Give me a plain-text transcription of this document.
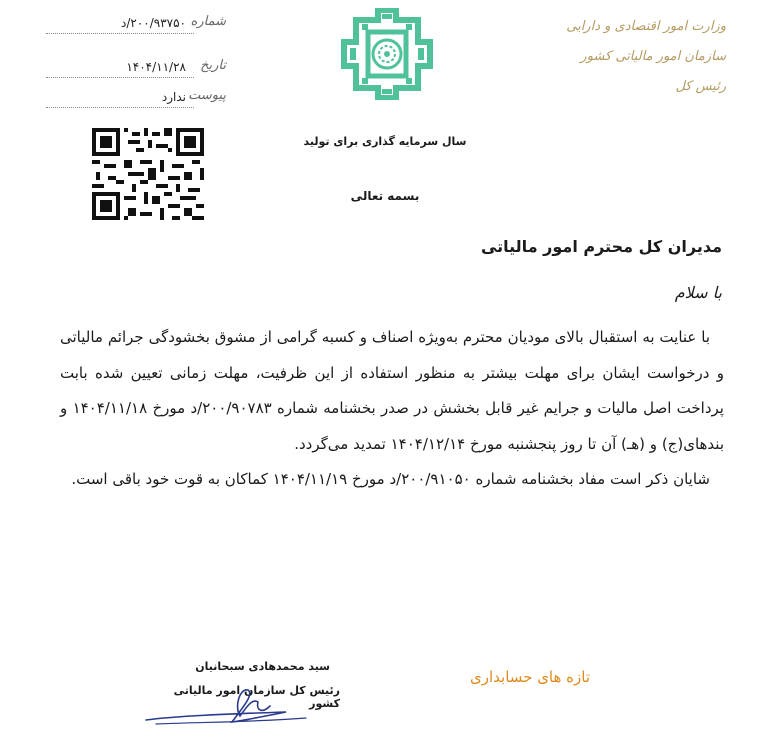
وزارت امور اقتصادی و دارایی
سازمان امور مالیاتی کشور
رئیس کل
شماره
۲۰۰/۹۳۷۵۰/د
تاریخ
۱۴۰۴/۱۱/۲۸
پیوست
ندارد
سال سرمایه گذاری برای تولید
بسمه تعالی
مدیران کل محترم امور مالیاتی
با سلام

با عنایت به استقبال بالای مودیان محترم به‌ویژه اصناف و کسبه گرامی از مشوق بخشودگی جرائم مالیاتی و درخواست ایشان برای مهلت بیشتر به منظور استفاده از این ظرفیت، مهلت زمانی تعیین شده بابت پرداخت اصل مالیات و جرایم غیر قابل بخشش در صدر بخشنامه شماره ۲۰۰/۹۰۷۸۳/د مورخ ۱۴۰۴/۱۱/۱۸ و بندهای(ج) و (هـ) آن تا روز پنجشنبه مورخ ۱۴۰۴/۱۲/۱۴ تمدید می‌گردد.

شایان ذکر است مفاد بخشنامه شماره ۲۰۰/۹۱۰۵۰/د مورخ ۱۴۰۴/۱۱/۱۹ کماکان به قوت خود باقی است.

سید محمدهادی سبحانیان
رئیس کل سازمان امور مالیاتی کشور
تازه های حسابداری
